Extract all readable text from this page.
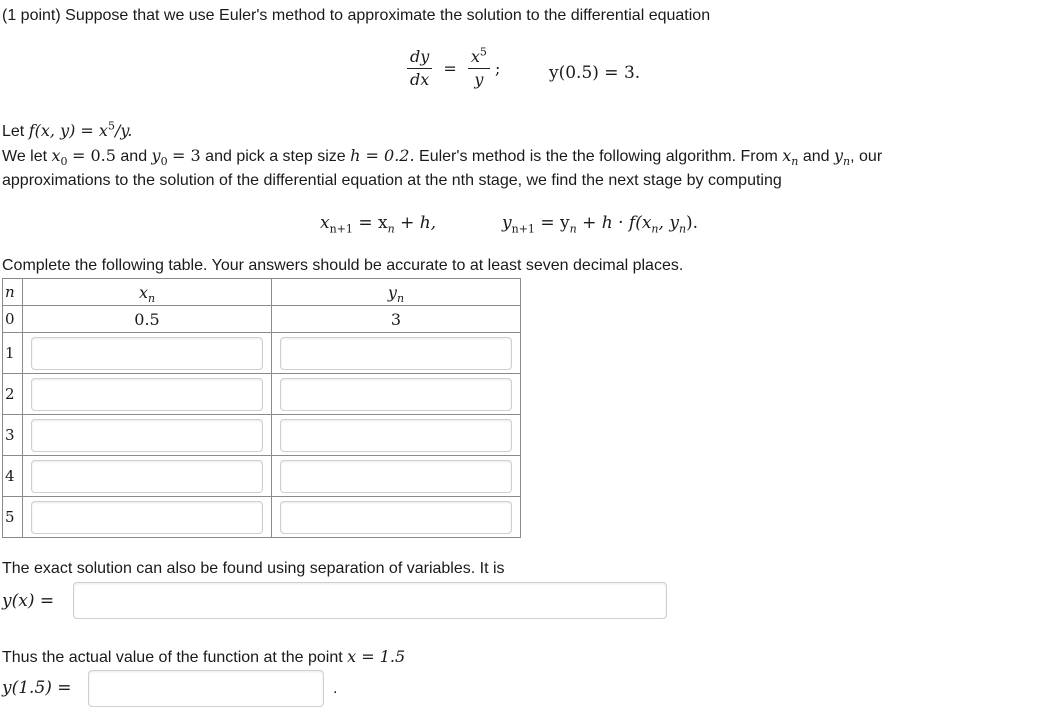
(1 point) Suppose that we use Euler's method to approximate the solution to the differential equation
$\frac{dy}{dx} = \frac{x^5}{y}$ ;	y(0.5) = 3.
Let f(x, $y) = x^5/y$.
We let $x_0 = 0.5$ and $y_0 = 3$ and pick a step size h = 0.2. Euler's method is the the following algorithm. From $x_n$ and $y_n$, our
approximations to the solution of the differential equation at the nth stage, we find the next stage by computing
$x_{n+1} = x_n + h$,	$y_{n+1} = y_n + h \cdot f(x_n$, $y_n$).
Complete the following table. Your answers should be accurate to at least seven decimal places.
n	$x_n$	$y_n$
0	0.5	3
1	

2	

3	

4	

5	

The exact solution can also be found using separation of variables. It is
y(x) =
Thus the actual value of the function at the point x = 1.5
y(1.5) =	.
